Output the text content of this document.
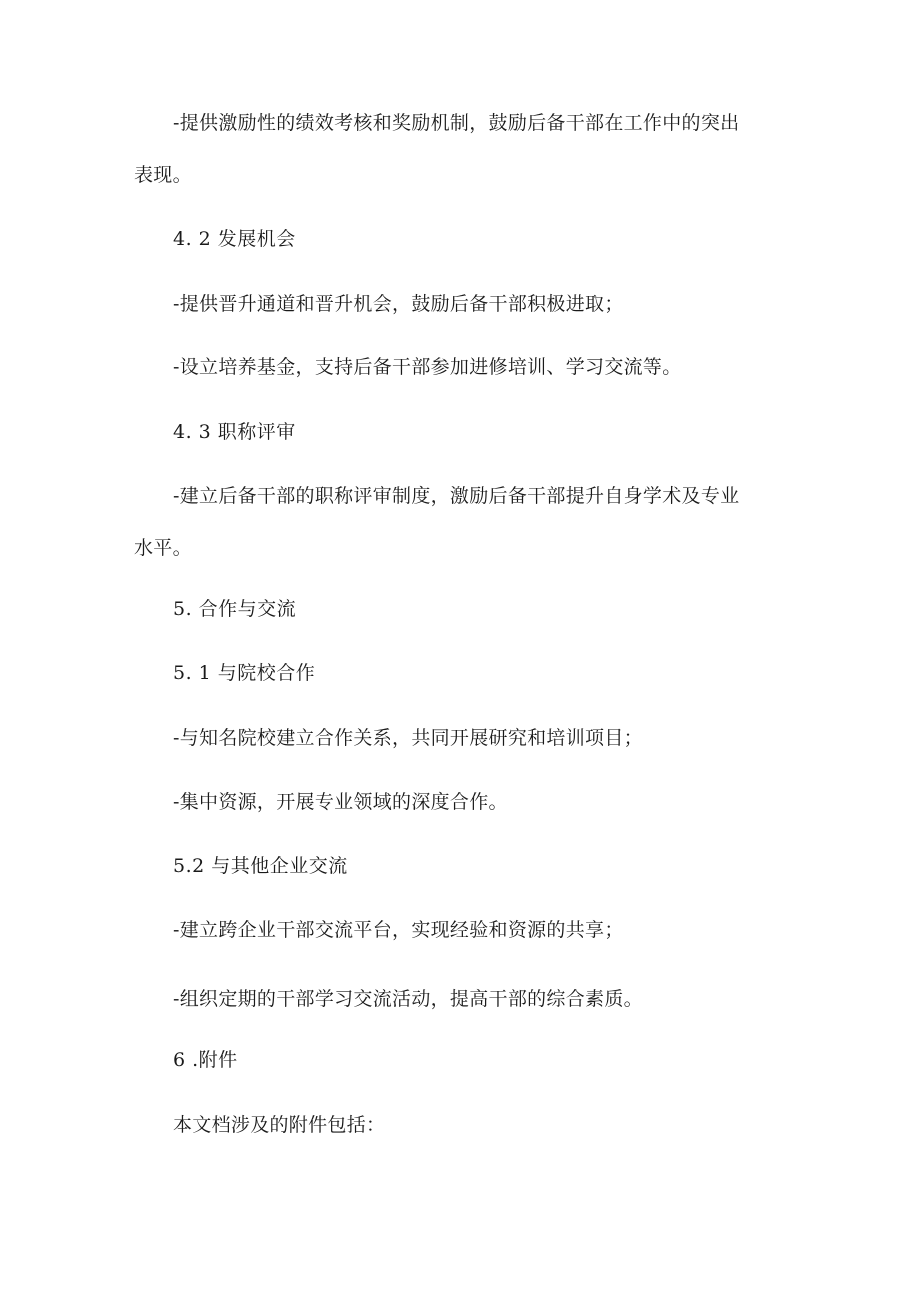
-提供激励性的绩效考核和奖励机制，鼓励后备干部在工作中的突出
表现。
4. 2 发展机会
-提供晋升通道和晋升机会，鼓励后备干部积极进取；
-设立培养基金，支持后备干部参加进修培训、学习交流等。
4. 3 职称评审
-建立后备干部的职称评审制度，激励后备干部提升自身学术及专业
水平。
5. 合作与交流
5. 1 与院校合作
-与知名院校建立合作关系，共同开展研究和培训项目；
-集中资源，开展专业领域的深度合作。
5.2 与其他企业交流
-建立跨企业干部交流平台，实现经验和资源的共享；
-组织定期的干部学习交流活动，提高干部的综合素质。
6 .附件
本文档涉及的附件包括：
